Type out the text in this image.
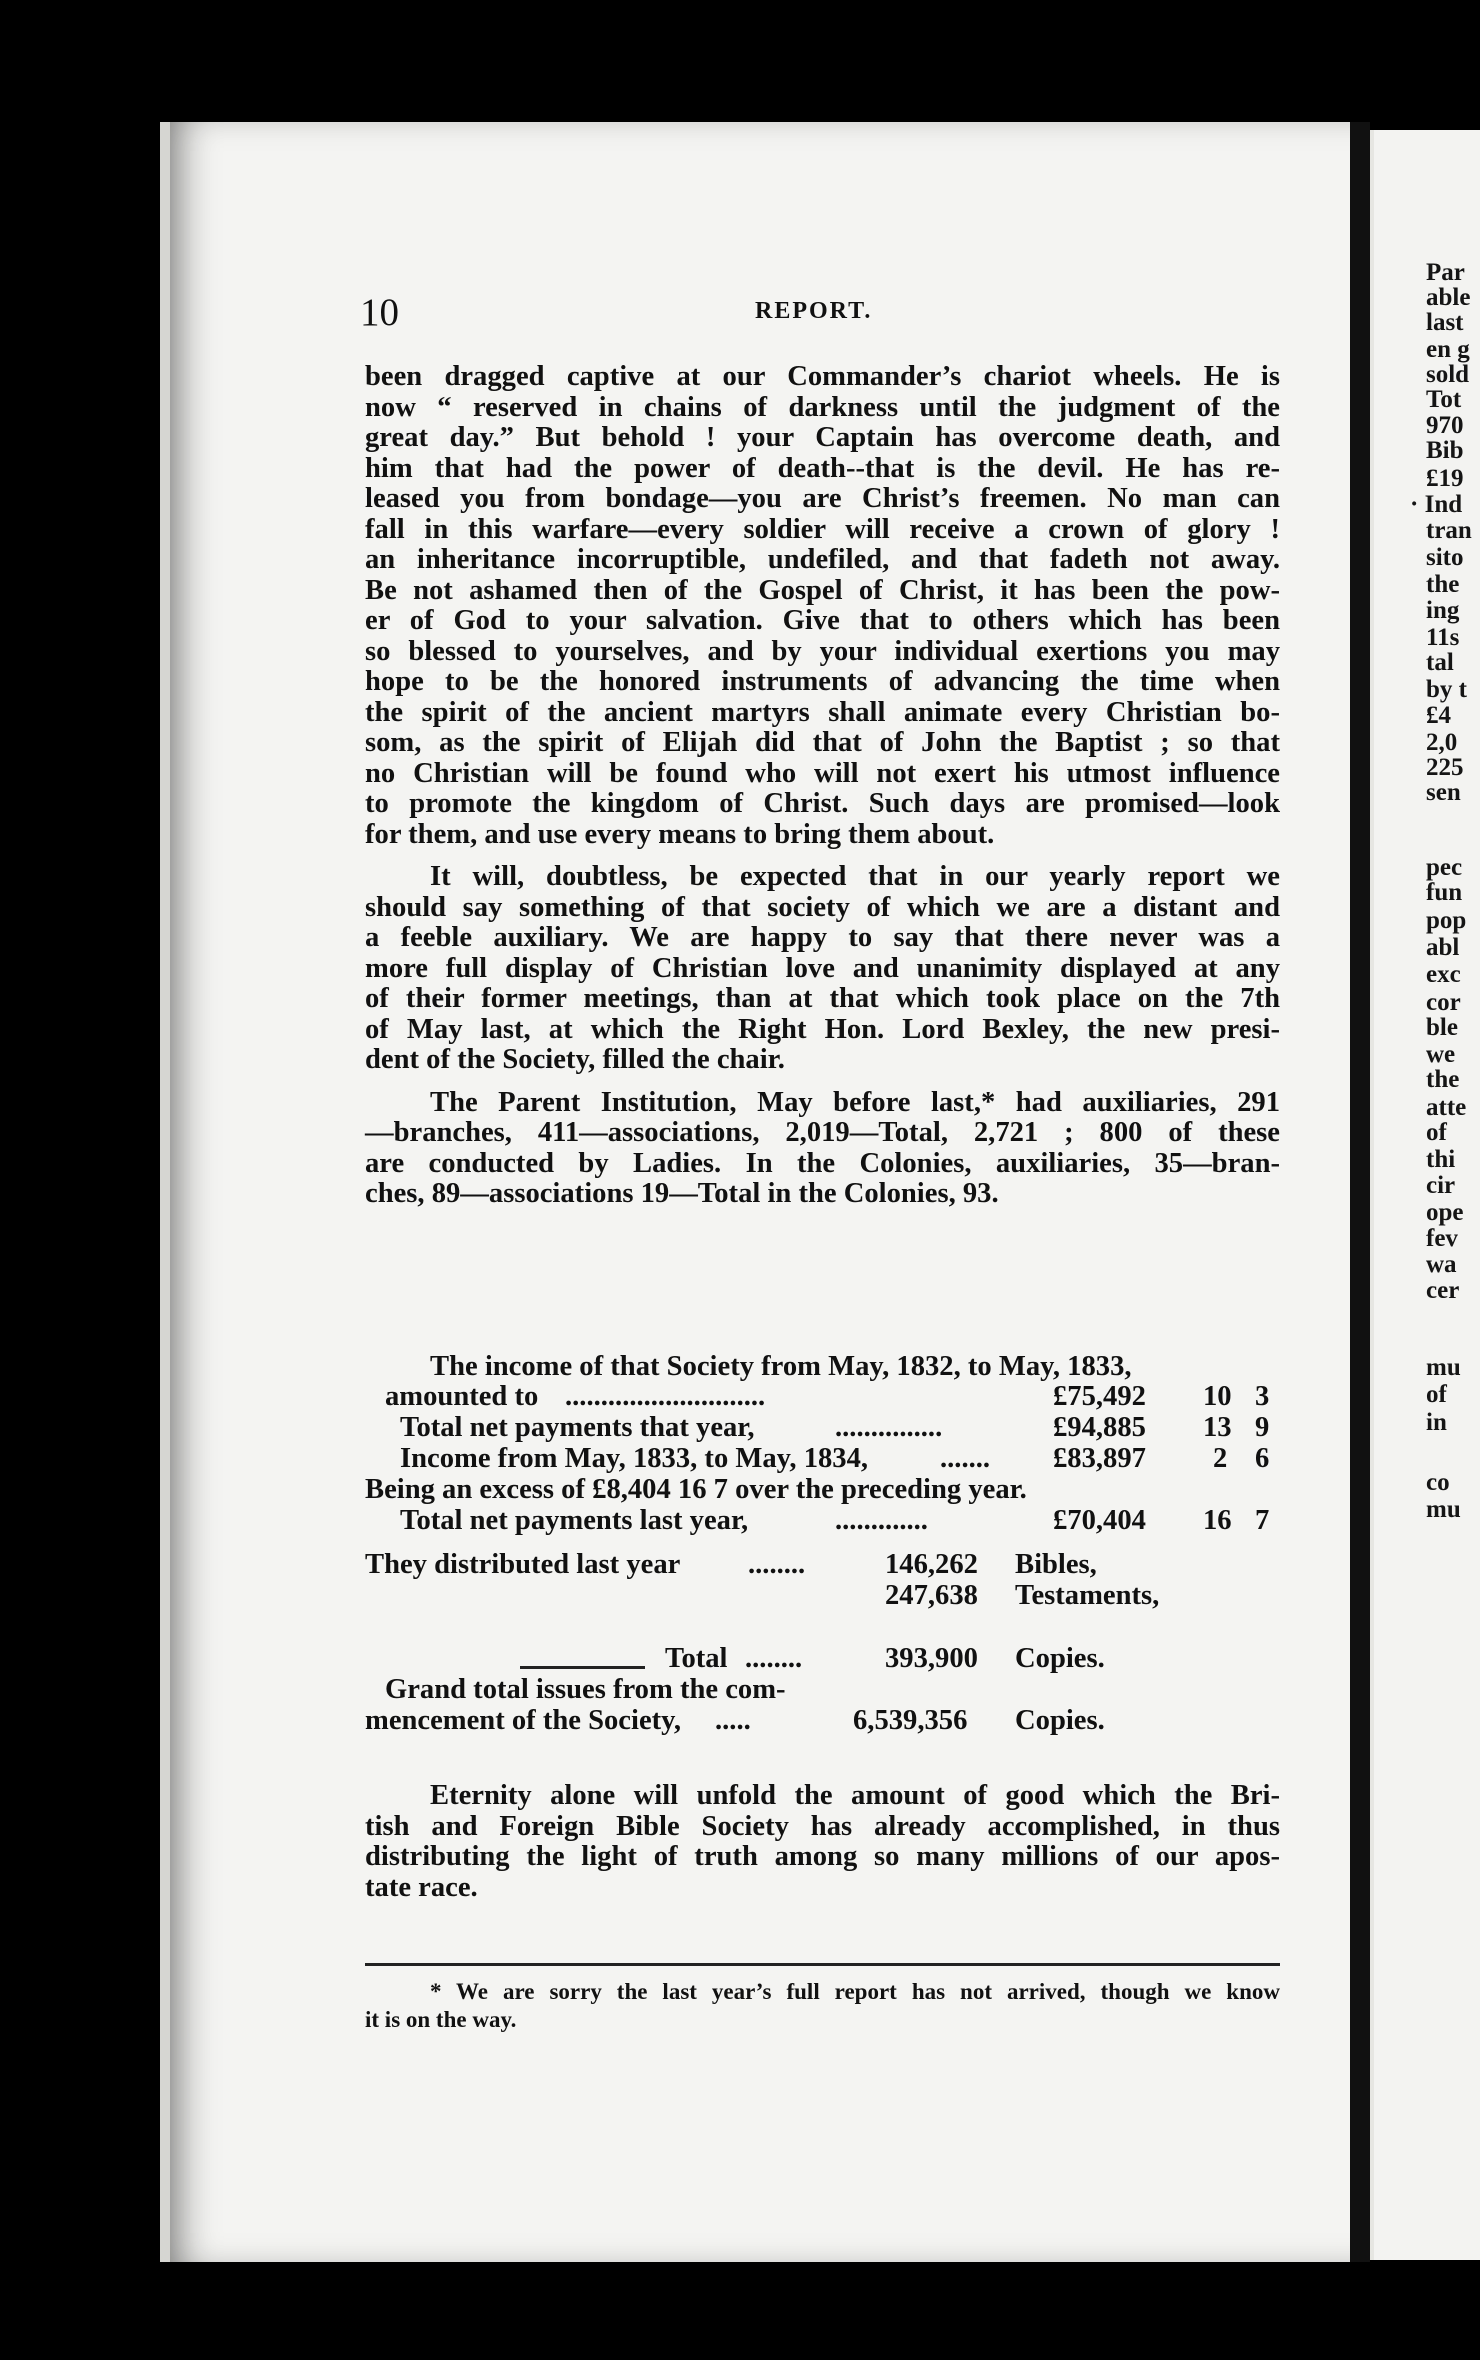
Par
able
last
en g
sold
Tot
970
Bib
£19
· Ind
tran
sito
the
ing
11s
tal
by t
£4
2,0
225
sen
pec
fun
pop
abl
exc
cor
ble
we
the
atte
of
thi
cir
ope
fev
wa
cer
mu
of
in
co
mu
10	REPORT.
been dragged captive at our Commander’s chariot wheels. He is
now “ reserved in chains of darkness until the judgment of the
great day.” But behold ! your Captain has overcome death, and
him that had the power of death--that is the devil. He has re-
leased you from bondage—you are Christ’s freemen. No man can
fall in this warfare—every soldier will receive a crown of glory !
an inheritance incorruptible, undefiled, and that fadeth not away.
Be not ashamed then of the Gospel of Christ, it has been the pow-
er of God to your salvation. Give that to others which has been
so blessed to yourselves, and by your individual exertions you may
hope to be the honored instruments of advancing the time when
the spirit of the ancient martyrs shall animate every Christian bo-
som, as the spirit of Elijah did that of John the Baptist ; so that
no Christian will be found who will not exert his utmost influence
to promote the kingdom of Christ. Such days are promised—look
for them, and use every means to bring them about.
It will, doubtless, be expected that in our yearly report we
should say something of that society of which we are a distant and
a feeble auxiliary. We are happy to say that there never was a
more full display of Christian love and unanimity displayed at any
of their former meetings, than at that which took place on the 7th
of May last, at which the Right Hon. Lord Bexley, the new presi-
dent of the Society, filled the chair.
The Parent Institution, May before last,* had auxiliaries, 291
—branches, 411—associations, 2,019—Total, 2,721 ; 800 of these
are conducted by Ladies. In the Colonies, auxiliaries, 35—bran-
ches, 89—associations 19—Total in the Colonies, 93.
The income of that Society from May, 1832, to May, 1833,
amounted to ............................	£75,492 10 3
Total net payments that year,	...............	£94,885 13 9
Income from May, 1833, to May, 1834,	....... £83,897 2 6
Being an excess of £8,404 16 7 over the preceding year.
Total net payments last year,	.............	£70,404 16 7
They distributed last year ........	146,262 Bibles,
247,638 Testaments,
Total ........	393,900 Copies.
Grand total issues from the com-
mencement of the Society, .....	6,539,356 Copies.
Eternity alone will unfold the amount of good which the Bri-
tish and Foreign Bible Society has already accomplished, in thus
distributing the light of truth among so many millions of our apos-
tate race.
* We are sorry the last year’s full report has not arrived, though we know
it is on the way.
